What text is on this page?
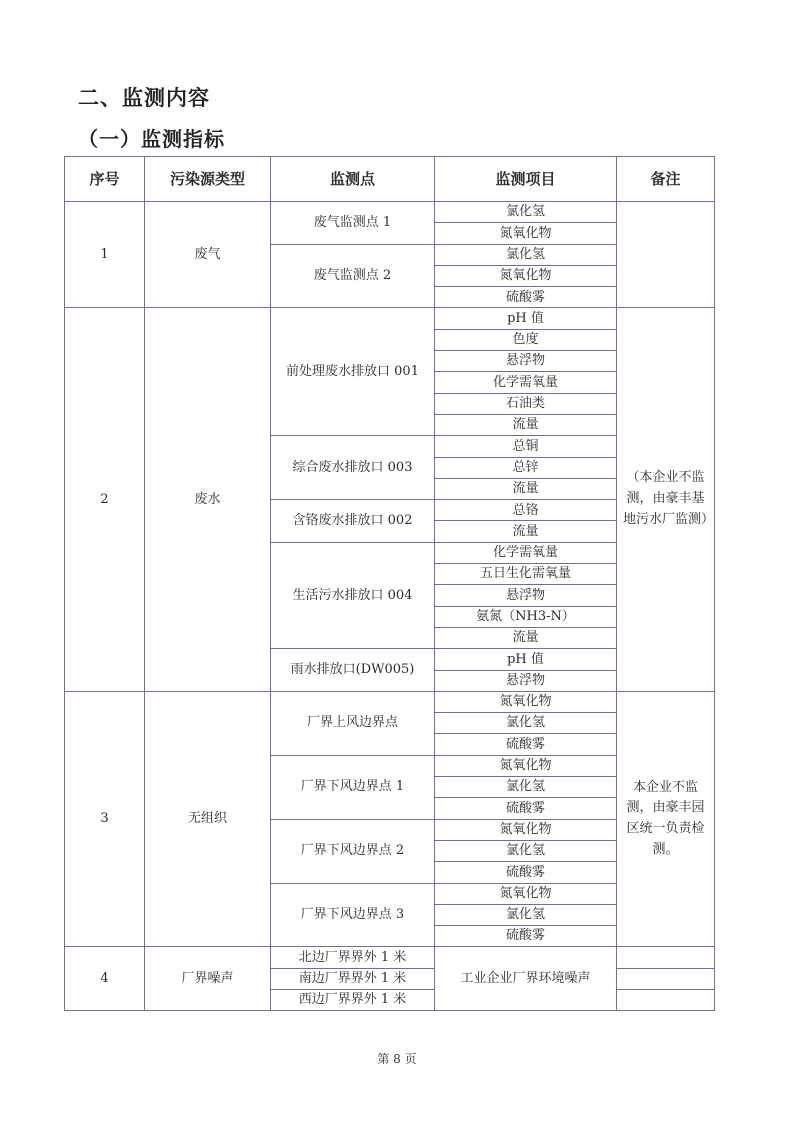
二、监测内容
（一）监测指标
序号	污染源类型	监测点	监测项目	备注
1	废气	废气监测点 1	氯化氢	
			氮氧化物	
		废气监测点 2	氯化氢	
			氮氧化物	
			硫酸雾	
2	废水	前处理废水排放口 001	pH 值	（本企业不监测，由豪丰基地污水厂监测）
			色度	
			悬浮物	
			化学需氧量	
			石油类	
			流量	
		综合废水排放口 003	总铜	
			总锌	
			流量	
		含铬废水排放口 002	总铬	
			流量	
		生活污水排放口 004	化学需氧量	
			五日生化需氧量	
			悬浮物	
			氨氮（NH3-N）	
			流量	
		雨水排放口(DW005)	pH 值	
			悬浮物	
3	无组织	厂界上风边界点	氮氧化物	本企业不监测，由豪丰园区统一负责检测。
			氯化氢	
			硫酸雾	
		厂界下风边界点 1	氮氧化物	
			氯化氢	
			硫酸雾	
		厂界下风边界点 2	氮氧化物	
			氯化氢	
			硫酸雾	
		厂界下风边界点 3	氮氧化物	
			氯化氢	
			硫酸雾	
4	厂界噪声	北边厂界界外 1 米	工业企业厂界环境噪声	
		南边厂界界外 1 米		
		西边厂界界外 1 米		
第 8 页
